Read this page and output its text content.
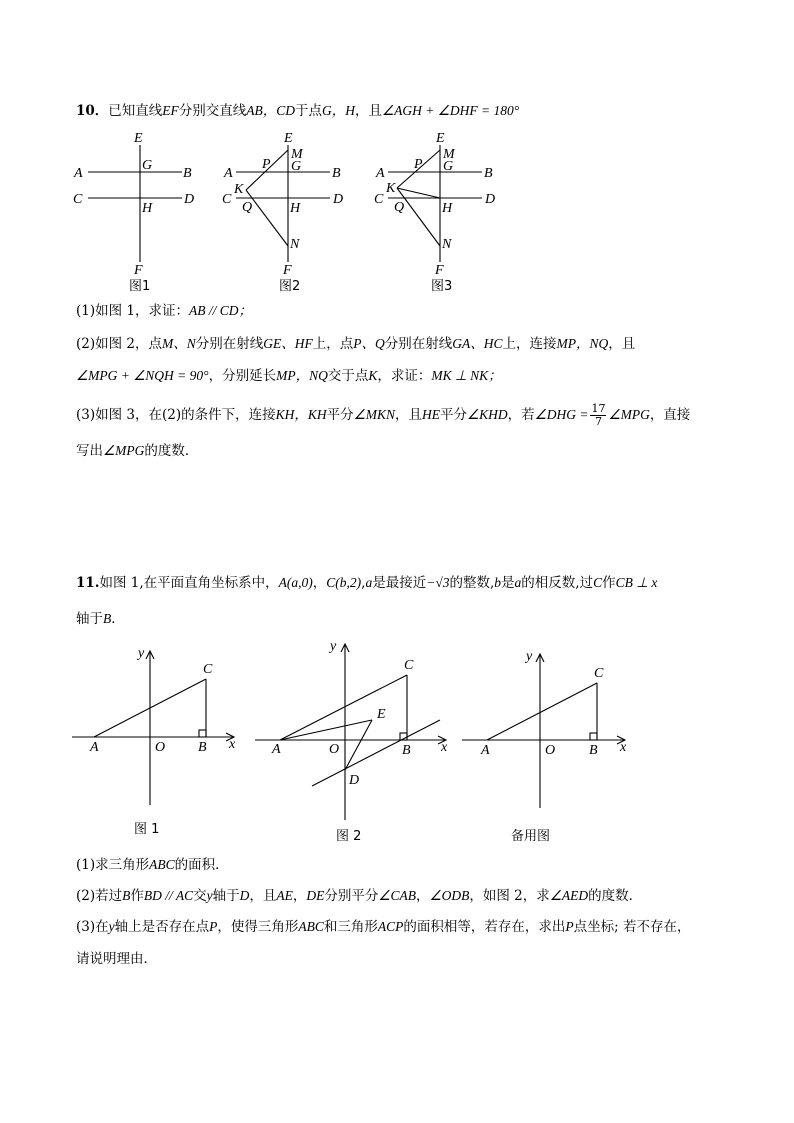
10．已知直线EF分别交直线AB，CD于点G，H，且∠AGH + ∠DHF = 180°
E
A
G
B
C
H
D
F
图1
E
M
P G
A	B
K
C
Q	H
D
N
F
图2
E
M
P G
A	B
K
C
Q	H
D
N
F
图3
(1)如图 1，求证：AB // CD；
(2)如图 2，点M、N分别在射线GE、HF上，点P、Q分别在射线GA、HC上，连接MP，NQ，且
∠MPG + ∠NQH = 90°，分别延长MP，NQ交于点K，求证：MK ⊥ NK；
(3)如图 3，在(2)的条件下，连接KH，KH平分∠MKN，且HE平分∠KHD，若∠DHG = $\frac{17}{7}$ ∠MPG，直接
写出∠MPG的度数．
11.如图 1,在平面直角坐标系中，A(a,0)，C(b,2),a是最接近−√3的整数,b是a的相反数,过C作CB ⊥ x
轴于B．
y
C
A	O B x
图 1
y
C
E
A	O	B x
D
图 2
y
C
A	O B x
备用图
(1)求三角形ABC的面积．
(2)若过B作BD // AC交y轴于D，且AE，DE分别平分∠CAB，∠ODB，如图 2，求∠AED的度数．
(3)在y轴上是否存在点P，使得三角形ABC和三角形ACP的面积相等，若存在，求出P点坐标; 若不存在，
请说明理由．
